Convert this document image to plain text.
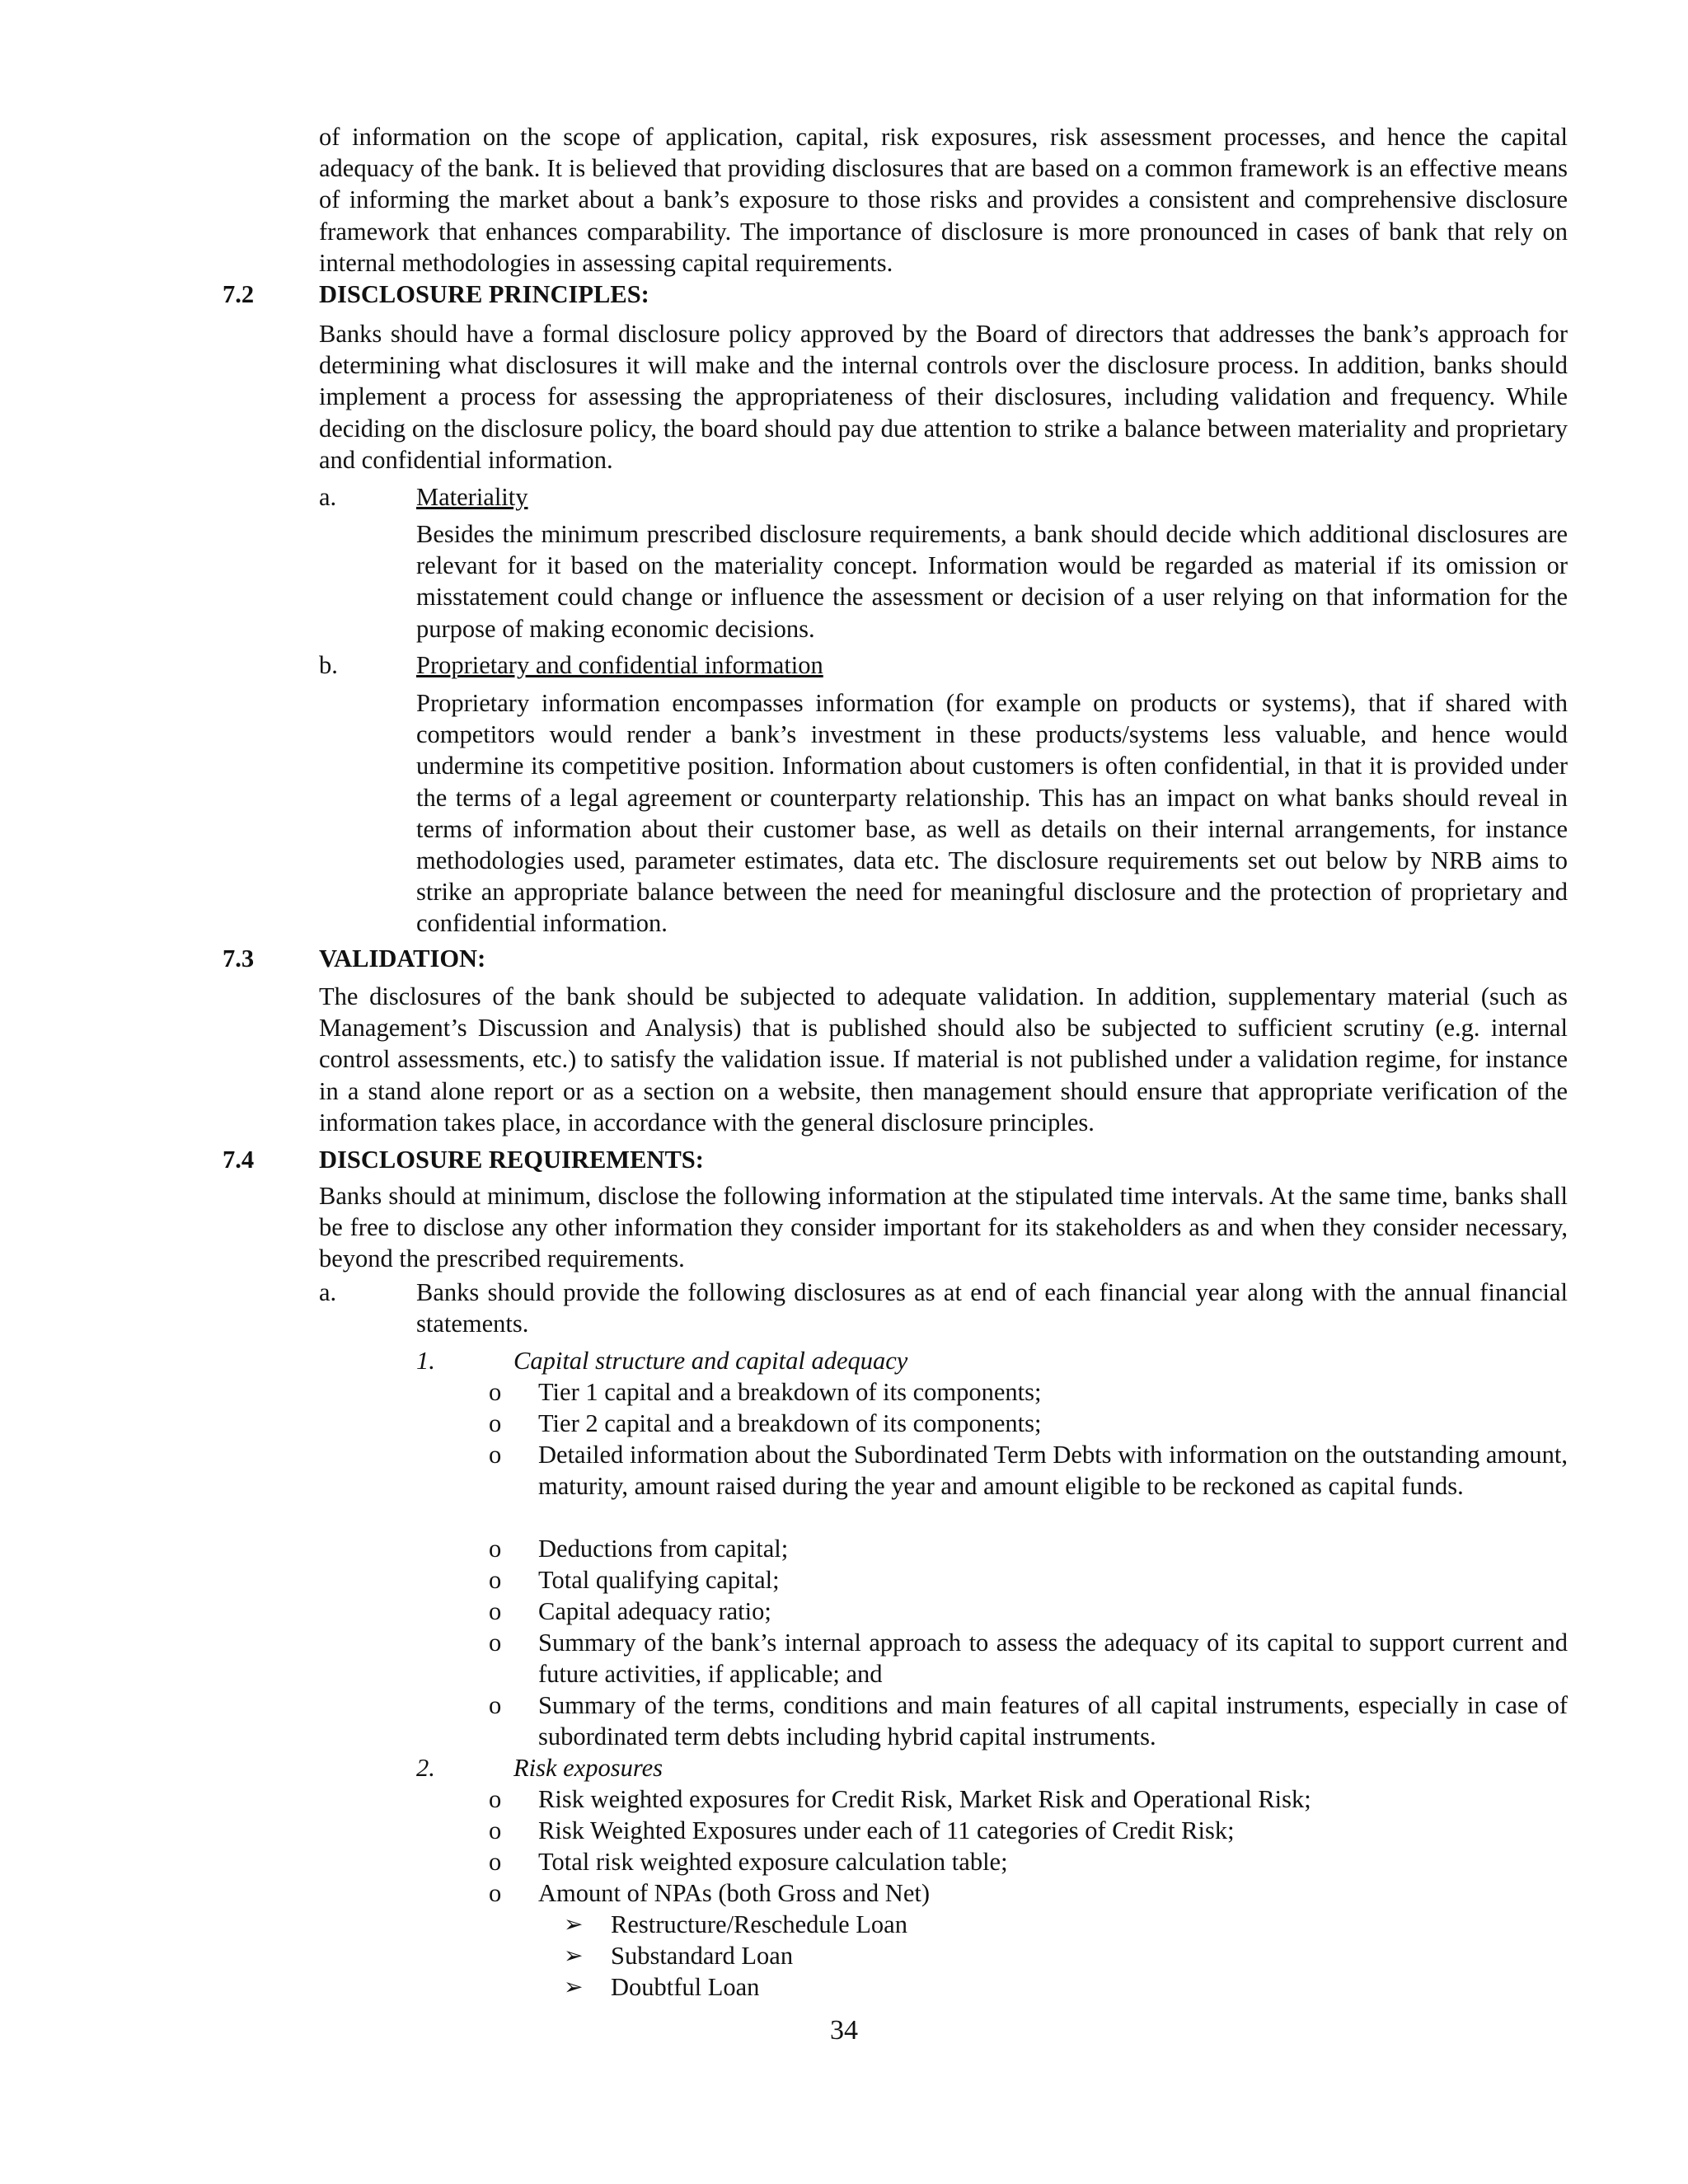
of information on the scope of application, capital, risk exposures, risk assessment processes, and hence the capital adequacy of the bank. It is believed that providing disclosures that are based on a common framework is an effective means of informing the market about a bank’s exposure to those risks and provides a consistent and comprehensive disclosure framework that enhances comparability. The importance of disclosure is more pronounced in cases of bank that rely on internal methodologies in assessing capital requirements.
7.2	DISCLOSURE PRINCIPLES:
Banks should have a formal disclosure policy approved by the Board of directors that addresses the bank’s approach for determining what disclosures it will make and the internal controls over the disclosure process. In addition, banks should implement a process for assessing the appropriateness of their disclosures, including validation and frequency. While deciding on the disclosure policy, the board should pay due attention to strike a balance between materiality and proprietary and confidential information.
a.	Materiality
Besides the minimum prescribed disclosure requirements, a bank should decide which additional disclosures are relevant for it based on the materiality concept. Information would be regarded as material if its omission or misstatement could change or influence the assessment or decision of a user relying on that information for the purpose of making economic decisions.
b.	Proprietary and confidential information
Proprietary information encompasses information (for example on products or systems), that if shared with competitors would render a bank’s investment in these products/systems less valuable, and hence would undermine its competitive position. Information about customers is often confidential, in that it is provided under the terms of a legal agreement or counterparty relationship. This has an impact on what banks should reveal in terms of information about their customer base, as well as details on their internal arrangements, for instance methodologies used, parameter estimates, data etc. The disclosure requirements set out below by NRB aims to strike an appropriate balance between the need for meaningful disclosure and the protection of proprietary and confidential information.
7.3	VALIDATION:
The disclosures of the bank should be subjected to adequate validation. In addition, supplementary material (such as Management’s Discussion and Analysis) that is published should also be subjected to sufficient scrutiny (e.g. internal control assessments, etc.) to satisfy the validation issue. If material is not published under a validation regime, for instance in a stand alone report or as a section on a website, then management should ensure that appropriate verification of the information takes place, in accordance with the general disclosure principles.
7.4	DISCLOSURE REQUIREMENTS:
Banks should at minimum, disclose the following information at the stipulated time intervals. At the same time, banks shall be free to disclose any other information they consider important for its stakeholders as and when they consider necessary, beyond the prescribed requirements.
a.	Banks should provide the following disclosures as at end of each financial year along with the annual financial statements.
1.	Capital structure and capital adequacy
o Tier 1 capital and a breakdown of its components;
o Tier 2 capital and a breakdown of its components;
o Detailed information about the Subordinated Term Debts with information on the outstanding amount, maturity, amount raised during the year and amount eligible to be reckoned as capital funds.
o Deductions from capital;
o Total qualifying capital;
o Capital adequacy ratio;
o Summary of the bank’s internal approach to assess the adequacy of its capital to support current and future activities, if applicable; and
o Summary of the terms, conditions and main features of all capital instruments, especially in case of subordinated term debts including hybrid capital instruments.
2.	Risk exposures
o Risk weighted exposures for Credit Risk, Market Risk and Operational Risk;
o Risk Weighted Exposures under each of 11 categories of Credit Risk;
o Total risk weighted exposure calculation table;
o Amount of NPAs (both Gross and Net)
➢ Restructure/Reschedule Loan
➢ Substandard Loan
➢ Doubtful Loan
34
